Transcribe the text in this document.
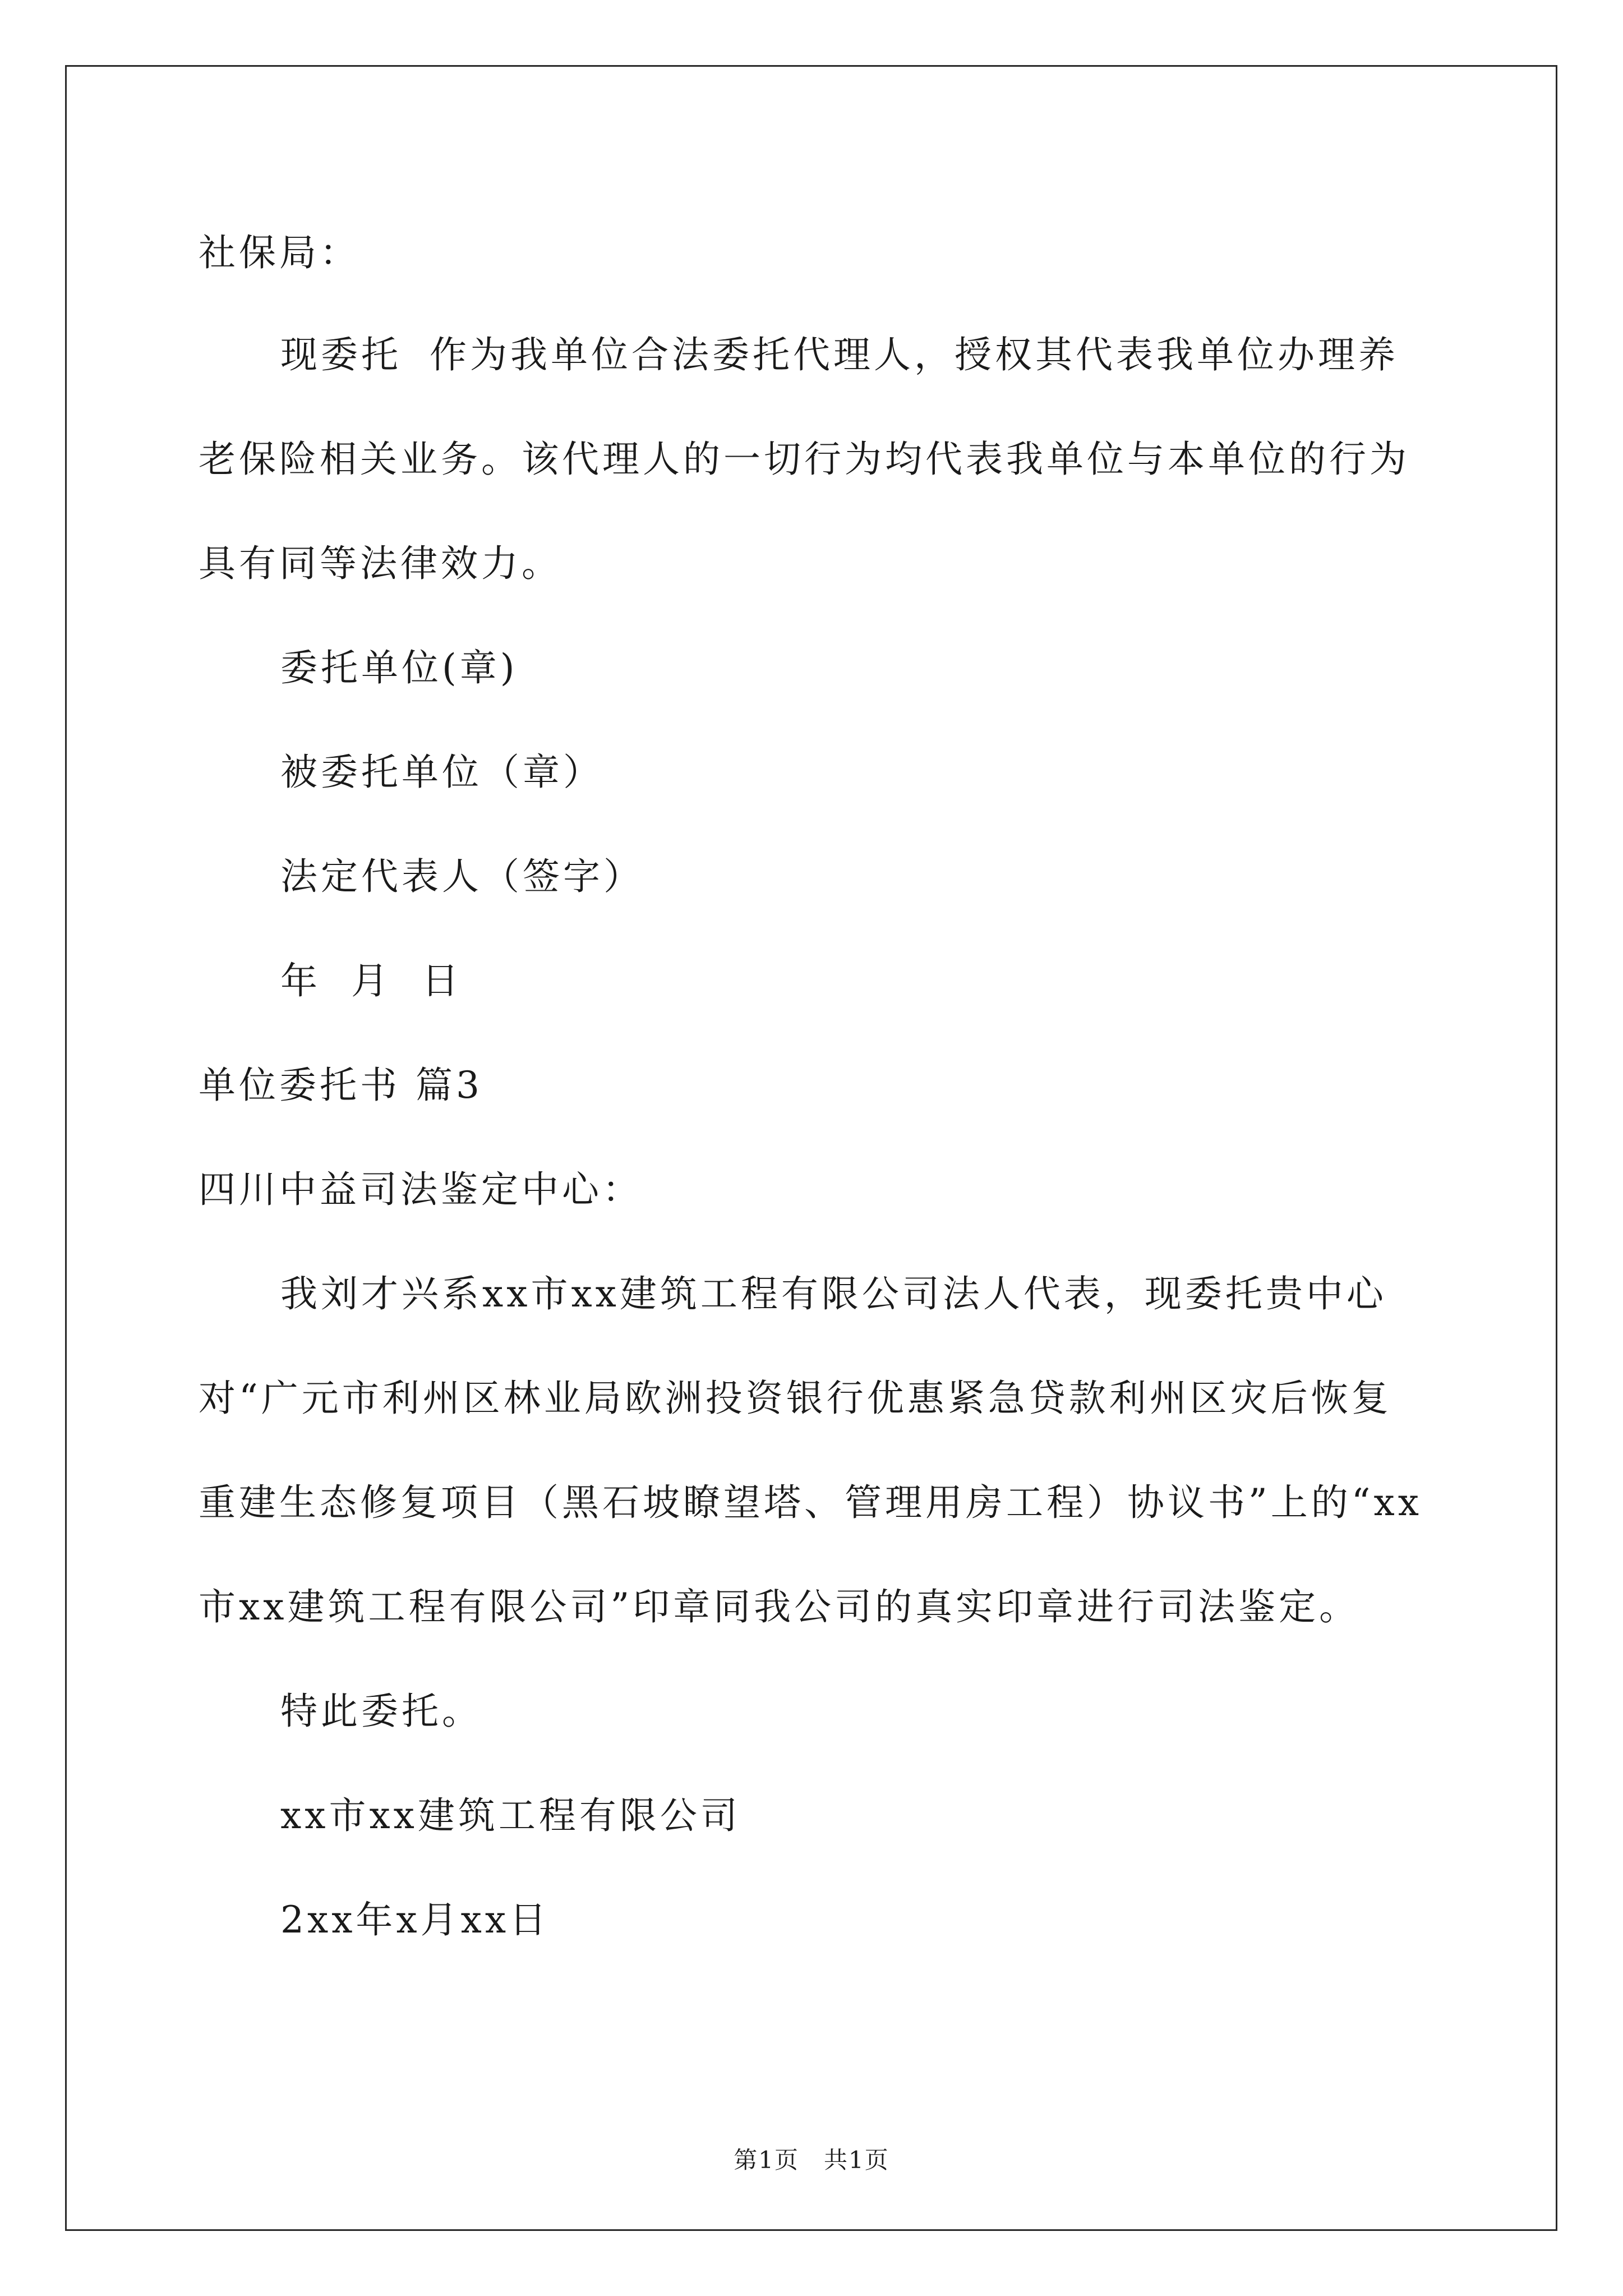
社保局：
现委托 作为我单位合法委托代理人，授权其代表我单位办理养
老保险相关业务。该代理人的一切行为均代表我单位与本单位的行为
具有同等法律效力。
委托单位(章)
被委托单位（章）
法定代表人（签字）
年  月  日
单位委托书 篇3
四川中益司法鉴定中心：
我刘才兴系xx市xx建筑工程有限公司法人代表，现委托贵中心
对“广元市利州区林业局欧洲投资银行优惠紧急贷款利州区灾后恢复
重建生态修复项目（黑石坡瞭望塔、管理用房工程）协议书”上的“xx
市xx建筑工程有限公司”印章同我公司的真实印章进行司法鉴定。
特此委托。
xx市xx建筑工程有限公司
2xx年x月xx日
第1页　共1页
